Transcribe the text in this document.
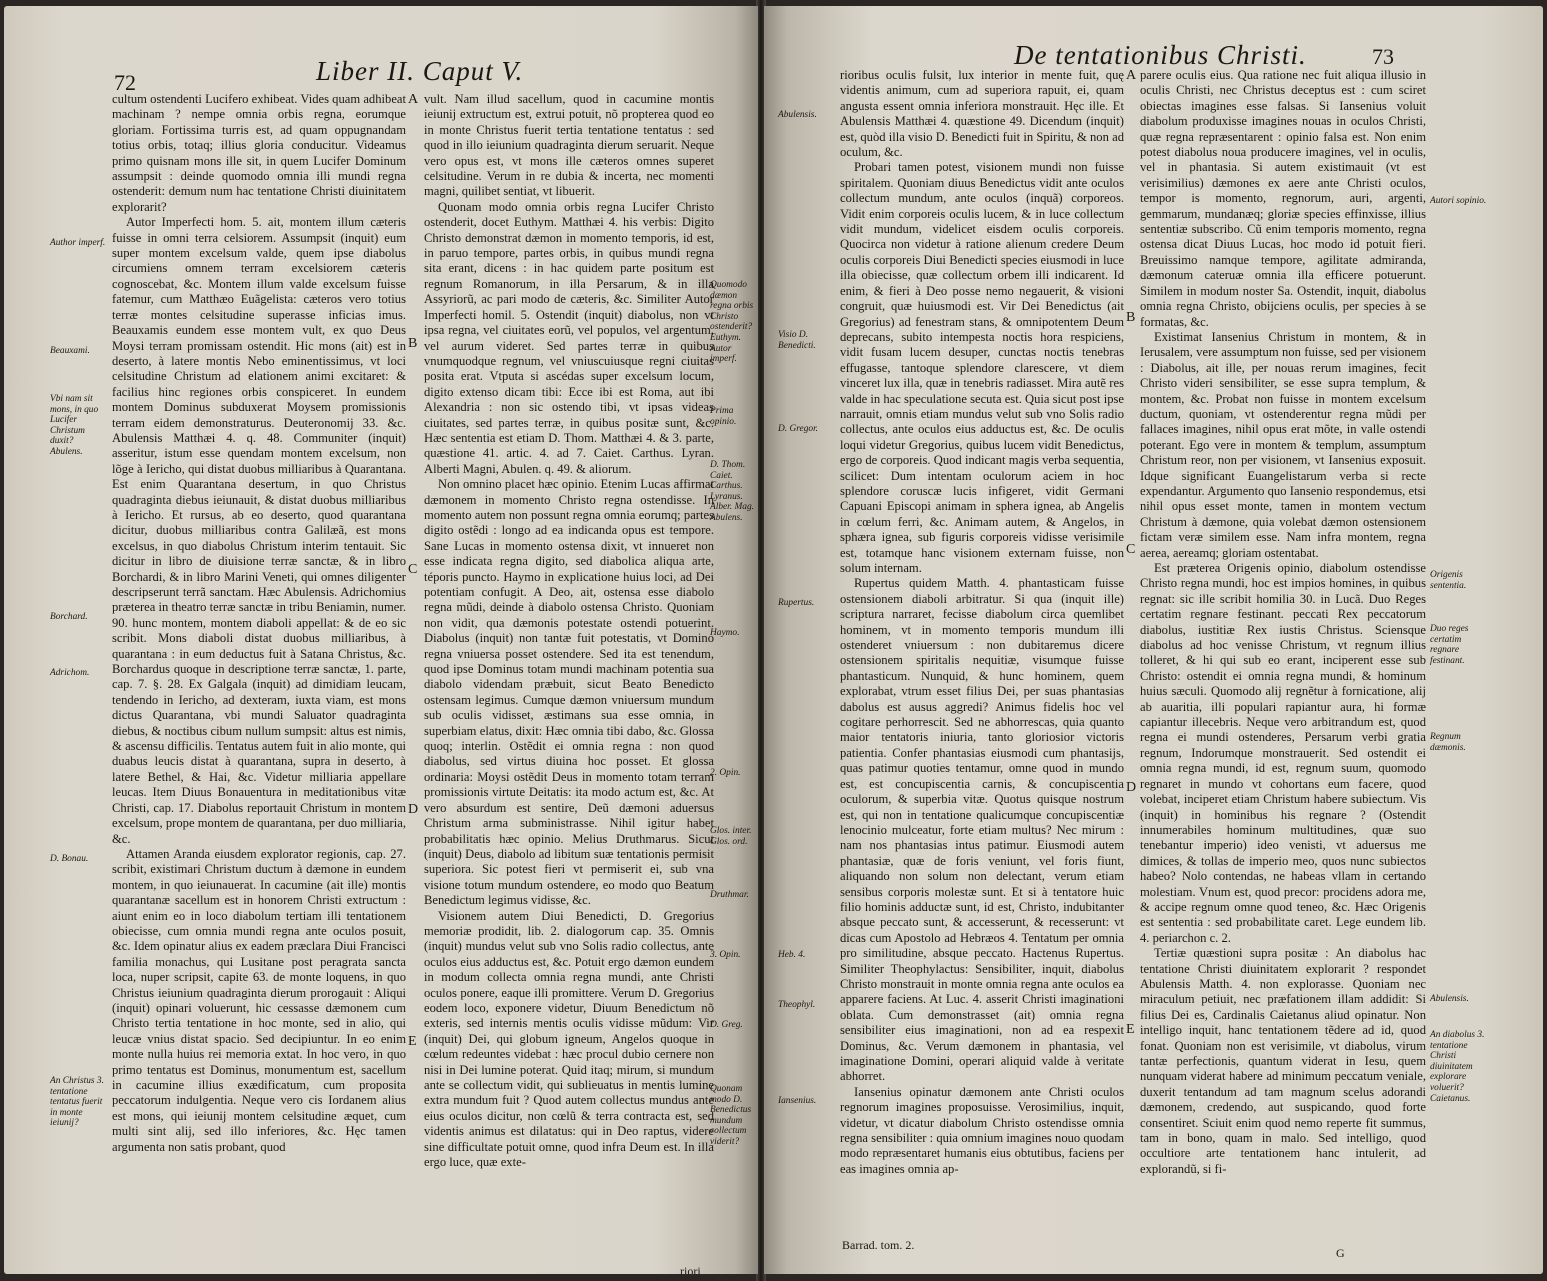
72	Liber II. Caput V.

cultum ostendenti Lucifero exhibeat. Vides quam adhibeat machinam ? nempe omnia orbis regna, eorumque gloriam. Fortissima turris est, ad quam oppugnandam totius orbis, totaq; illius gloria conducitur. Videamus primo quisnam mons ille sit, in quem Lucifer Dominum assumpsit : deinde quomodo omnia illi mundi regna ostenderit: demum num hac tentatione Christi diuinitatem explorarit?

Autor Imperfecti hom. 5. ait, montem illum cæteris fuisse in omni terra celsiorem. Assumpsit (inquit) eum super montem excelsum valde, quem ipse diabolus circumiens omnem terram excelsiorem cæteris cognoscebat, &c. Montem illum valde excelsum fuisse fatemur, cum Matthæo Euãgelista: cæteros vero totius terræ montes celsitudine superasse inficias imus. Beauxamis eundem esse montem vult, ex quo Deus Moysi terram promissam ostendit. Hic mons (ait) est in deserto, à latere montis Nebo eminentissimus, vt loci celsitudine Christum ad elationem animi excitaret: & facilius hinc regiones orbis conspiceret. In eundem montem Dominus subduxerat Moysem promissionis terram eidem demonstraturus. Deuteronomij 33. &c. Abulensis Matthæi 4. q. 48. Communiter (inquit) asseritur, istum esse quendam montem excelsum, non lõge à Iericho, qui distat duobus milliaribus à Quarantana. Est enim Quarantana desertum, in quo Christus quadraginta diebus ieiunauit, & distat duobus milliaribus à Iericho. Et rursus, ab eo deserto, quod quarantana dicitur, duobus milliaribus contra Galilæã, est mons excelsus, in quo diabolus Christum interim tentauit. Sic dicitur in libro de diuisione terræ sanctæ, & in libro Borchardi, & in libro Marini Veneti, qui omnes diligenter descripserunt terrã sanctam. Hæc Abulensis. Adrichomius præterea in theatro terræ sanctæ in tribu Beniamin, numer. 90. hunc montem, montem diaboli appellat: & de eo sic scribit. Mons diaboli distat duobus milliaribus, à quarantana : in eum deductus fuit à Satana Christus, &c. Borchardus quoque in descriptione terræ sanctæ, 1. parte, cap. 7. §. 28. Ex Galgala (inquit) ad dimidiam leucam, tendendo in Iericho, ad dexteram, iuxta viam, est mons dictus Quarantana, vbi mundi Saluator quadraginta diebus, & noctibus cibum nullum sumpsit: altus est nimis, & ascensu difficilis. Tentatus autem fuit in alio monte, qui duabus leucis distat à quarantana, supra in deserto, à latere Bethel, & Hai, &c. Videtur milliaria appellare leucas. Item Diuus Bonauentura in meditationibus vitæ Christi, cap. 17. Diabolus reportauit Christum in montem excelsum, prope montem de quarantana, per duo milliaria, &c.

Attamen Aranda eiusdem explorator regionis, cap. 27. scribit, existimari Christum ductum à dæmone in eundem montem, in quo ieiunauerat. In cacumine (ait ille) montis quarantanæ sacellum est in honorem Christi extructum : aiunt enim eo in loco diabolum tertiam illi tentationem obiecisse, cum omnia mundi regna ante oculos posuit, &c. Idem opinatur alius ex eadem præclara Diui Francisci familia monachus, qui Lusitane post peragrata sancta loca, nuper scripsit, capite 63. de monte loquens, in quo Christus ieiunium quadraginta dierum prorogauit : Aliqui (inquit) opinari voluerunt, hic cessasse dæmonem cum Christo tertia tentatione in hoc monte, sed in alio, qui leucæ vnius distat spacio. Sed decipiuntur. In eo enim monte nulla huius rei memoria extat. In hoc vero, in quo primo tentatus est Dominus, monumentum est, sacellum in cacumine illius exædificatum, cum proposita peccatorum indulgentia. Neque vero cis Iordanem alius est mons, qui ieiunij montem celsitudine æquet, cum multi sint alij, sed illo inferiores, &c. Hęc tamen argumenta non satis probant, quod

vult. Nam illud sacellum, quod in cacumine montis ieiunij extructum est, extrui potuit, nõ propterea quod eo in monte Christus fuerit tertia tentatione tentatus : sed quod in illo ieiunium quadraginta dierum seruarit. Neque vero opus est, vt mons ille cæteros omnes superet celsitudine. Verum in re dubia & incerta, nec momenti magni, quilibet sentiat, vt libuerit.

Quonam modo omnia orbis regna Lucifer Christo ostenderit, docet Euthym. Matthæi 4. his verbis: Digito Christo demonstrat dæmon in momento temporis, id est, in paruo tempore, partes orbis, in quibus mundi regna sita erant, dicens : in hac quidem parte positum est regnum Romanorum, in illa Persarum, & in illa Assyriorũ, ac pari modo de cæteris, &c. Similiter Autor Imperfecti homil. 5. Ostendit (inquit) diabolus, non vt ipsa regna, vel ciuitates eorũ, vel populos, vel argentum, vel aurum videret. Sed partes terræ in quibus vnumquodque regnum, vel vniuscuiusque regni ciuitas posita erat. Vtputa si ascédas super excelsum locum, digito extenso dicam tibi: Ecce ibi est Roma, aut ibi Alexandria : non sic ostendo tibi, vt ipsas videas ciuitates, sed partes terræ, in quibus positæ sunt, &c. Hæc sententia est etiam D. Thom. Matthæi 4. & 3. parte, quæstione 41. artic. 4. ad 7. Caiet. Carthus. Lyran. Alberti Magni, Abulen. q. 49. & aliorum.

Non omnino placet hæc opinio. Etenim Lucas affirmat dæmonem in momento Christo regna ostendisse. In momento autem non possunt regna omnia eorumq; partes digito ostẽdi : longo ad ea indicanda opus est tempore. Sane Lucas in momento ostensa dixit, vt innueret non esse indicata regna digito, sed diabolica aliqua arte, téporis puncto. Haymo in explicatione huius loci, ad Dei potentiam confugit. A Deo, ait, ostensa esse diabolo regna mũdi, deinde à diabolo ostensa Christo. Quoniam non vidit, qua dæmonis potestate ostendi potuerint. Diabolus (inquit) non tantæ fuit potestatis, vt Domino regna vniuersa posset ostendere. Sed ita est tenendum, quod ipse Dominus totam mundi machinam potentia sua diabolo videndam præbuit, sicut Beato Benedicto ostensam legimus. Cumque dæmon vniuersum mundum sub oculis vidisset, æstimans sua esse omnia, in superbiam elatus, dixit: Hæc omnia tibi dabo, &c. Glossa quoq; interlin. Ostẽdit ei omnia regna : non quod diabolus, sed virtus diuina hoc posset. Et glossa ordinaria: Moysi ostẽdit Deus in momento totam terram promissionis virtute Deitatis: ita modo actum est, &c. At vero absurdum est sentire, Deũ dæmoni aduersus Christum arma subministrasse. Nihil igitur habet probabilitatis hæc opinio. Melius Druthmarus. Sicut (inquit) Deus, diabolo ad libitum suæ tentationis permisit superiora. Sic potest fieri vt permiserit ei, sub vna visione totum mundum ostendere, eo modo quo Beatum Benedictum legimus vidisse, &c.

Visionem autem Diui Benedicti, D. Gregorius memoriæ prodidit, lib. 2. dialogorum cap. 35. Omnis (inquit) mundus velut sub vno Solis radio collectus, ante oculos eius adductus est, &c. Potuit ergo dæmon eundem in modum collecta omnia regna mundi, ante Christi oculos ponere, eaque illi promittere. Verum D. Gregorius eodem loco, exponere videtur, Diuum Benedictum nõ exteris, sed internis mentis oculis vidisse mũdum: Vir (inquit) Dei, qui globum igneum, Angelos quoque in cœlum redeuntes videbat : hæc procul dubio cernere non nisi in Dei lumine poterat. Quid itaq; mirum, si mundum ante se collectum vidit, qui sublieuatus in mentis lumine extra mundum fuit ? Quod autem collectus mundus ante eius oculos dicitur, non cœlũ & terra contracta est, sed videntis animus est dilatatus: qui in Deo raptus, videre sine difficultate potuit omne, quod infra Deum est. In illa ergo luce, quæ exte-

riori
Author imperf.
Beauxami.
Vbi nam sit mons, in quo Lucifer Christum duxit? Abulens.
Borchard.
Adrichom.
D. Bonau.
An Christus 3. tentatione tentatus fuerit in monte ieiunij?
Quomodo dæmon regna orbis Christo ostenderit? Euthym. Autor imperf.
Prima opinio.
D. Thom. Caiet. Carthus. Lyranus. Alber. Mag. Abulens.
Haymo.
2. Opin.
Glos. inter. Glos. ord.
Druthmar.
3. Opin.
D. Greg.
Quonam modo D. Benedictus mundum collectum viderit?
A
B
C
D
E
De tentationibus Christi.	73

rioribus oculis fulsit, lux interior in mente fuit, quę videntis animum, cum ad superiora rapuit, ei, quam angusta essent omnia inferiora monstrauit. Hęc ille. Et Abulensis Matthæi 4. quæstione 49. Dicendum (inquit) est, quòd illa visio D. Benedicti fuit in Spiritu, & non ad oculum, &c.

Probari tamen potest, visionem mundi non fuisse spiritalem. Quoniam diuus Benedictus vidit ante oculos collectum mundum, ante oculos (inquã) corporeos. Vidit enim corporeis oculis lucem, & in luce collectum vidit mundum, videlicet eisdem oculis corporeis. Quocirca non videtur à ratione alienum credere Deum oculis corporeis Diui Benedicti species eiusmodi in luce illa obiecisse, quæ collectum orbem illi indicarent. Id enim, & fieri à Deo posse nemo negauerit, & visioni congruit, quæ huiusmodi est. Vir Dei Benedictus (ait Gregorius) ad fenestram stans, & omnipotentem Deum deprecans, subito intempesta noctis hora respiciens, vidit fusam lucem desuper, cunctas noctis tenebras effugasse, tantoque splendore clarescere, vt diem vinceret lux illa, quæ in tenebris radiasset. Mira autẽ res valde in hac speculatione secuta est. Quia sicut post ipse narrauit, omnis etiam mundus velut sub vno Solis radio collectus, ante oculos eius adductus est, &c. De oculis loqui videtur Gregorius, quibus lucem vidit Benedictus, ergo de corporeis. Quod indicant magis verba sequentia, scilicet: Dum intentam oculorum aciem in hoc splendore coruscæ lucis infigeret, vidit Germani Capuani Episcopi animam in sphera ignea, ab Angelis in cœlum ferri, &c. Animam autem, & Angelos, in sphæra ignea, sub figuris corporeis vidisse verisimile est, totamque hanc visionem externam fuisse, non solum internam.

Rupertus quidem Matth. 4. phantasticam fuisse ostensionem diaboli arbitratur. Si qua (inquit ille) scriptura narraret, fecisse diabolum circa quemlibet hominem, vt in momento temporis mundum illi ostenderet vniuersum : non dubitaremus dicere ostensionem spiritalis nequitiæ, visumque fuisse phantasticum. Nunquid, & hunc hominem, quem explorabat, vtrum esset filius Dei, per suas phantasias dabolus est ausus aggredi? Animus fidelis hoc vel cogitare perhorrescit. Sed ne abhorrescas, quia quanto maior tentatoris iniuria, tanto gloriosior victoris patientia. Confer phantasias eiusmodi cum phantasijs, quas patimur quoties tentamur, omne quod in mundo est, est concupiscentia carnis, & concupiscentia oculorum, & superbia vitæ. Quotus quisque nostrum est, qui non in tentatione qualicumque concupiscentiæ lenocinio mulceatur, forte etiam multus? Nec mirum : nam nos phantasias intus patimur. Eiusmodi autem phantasiæ, quæ de foris veniunt, vel foris fiunt, aliquando non solum non delectant, verum etiam sensibus corporis molestæ sunt. Et si à tentatore huic filio hominis adductæ sunt, id est, Christo, indubitanter absque peccato sunt, & accesserunt, & recesserunt: vt dicas cum Apostolo ad Hebræos 4. Tentatum per omnia pro similitudine, absque peccato. Hactenus Rupertus. Similiter Theophylactus: Sensibiliter, inquit, diabolus Christo monstrauit in monte omnia regna ante oculos ea apparere faciens. At Luc. 4. asserit Christi imaginationi oblata. Cum demonstrasset (ait) omnia regna sensibiliter eius imaginationi, non ad ea respexit Dominus, &c. Verum dæmonem in phantasia, vel imaginatione Domini, operari aliquid valde à veritate abhorret.

Iansenius opinatur dæmonem ante Christi oculos regnorum imagines proposuisse. Verosimilius, inquit, videtur, vt dicatur diabolum Christo ostendisse omnia regna sensibiliter : quia omnium imagines nouo quodam modo repræsentaret humanis eius obtutibus, faciens per eas imagines omnia ap-

Barrad. tom. 2.

parere oculis eius. Qua ratione nec fuit aliqua illusio in oculis Christi, nec Christus deceptus est : cum sciret obiectas imagines esse falsas. Si Iansenius voluit diabolum produxisse imagines nouas in oculos Christi, quæ regna repræsentarent : opinio falsa est. Non enim potest diabolus noua producere imagines, vel in oculis, vel in phantasia. Si autem existimauit (vt est verisimilius) dæmones ex aere ante Christi oculos, tempor is momento, regnorum, auri, argenti, gemmarum, mundanæq; gloriæ species effinxisse, illius sententiæ subscribo. Cũ enim temporis momento, regna ostensa dicat Diuus Lucas, hoc modo id potuit fieri. Breuissimo namque tempore, agilitate admiranda, dæmonum cateruæ omnia illa efficere potuerunt. Similem in modum noster Sa. Ostendit, inquit, diabolus omnia regna Christo, obijciens oculis, per species à se formatas, &c.

Existimat Iansenius Christum in montem, & in Ierusalem, vere assumptum non fuisse, sed per visionem : Diabolus, ait ille, per nouas rerum imagines, fecit Christo videri sensibiliter, se esse supra templum, & montem, &c. Probat non fuisse in montem excelsum ductum, quoniam, vt ostenderentur regna mũdi per fallaces imagines, nihil opus erat mõte, in valle ostendi poterant. Ego vere in montem & templum, assumptum Christum reor, non per visionem, vt Iansenius exposuit. Idque significant Euangelistarum verba si recte expendantur. Argumento quo Iansenio respondemus, etsi nihil opus esset monte, tamen in montem vectum Christum à dæmone, quia volebat dæmon ostensionem fictam veræ similem esse. Nam infra montem, regna aerea, aereamq; gloriam ostentabat.

Est præterea Origenis opinio, diabolum ostendisse Christo regna mundi, hoc est impios homines, in quibus regnat: sic ille scribit homilia 30. in Lucã. Duo Reges certatim regnare festinant. peccati Rex peccatorum diabolus, iustitiæ Rex iustis Christus. Sciensque diabolus ad hoc venisse Christum, vt regnum illius tolleret, & hi qui sub eo erant, inciperent esse sub Christo: ostendit ei omnia regna mundi, & hominum huius sæculi. Quomodo alij regnẽtur à fornicatione, alij ab auaritia, illi populari rapiantur aura, hi formæ capiantur illecebris. Neque vero arbitrandum est, quod regna ei mundi ostenderes, Persarum verbi gratia regnum, Indorumque monstrauerit. Sed ostendit ei omnia regna mundi, id est, regnum suum, quomodo regnaret in mundo vt cohortans eum facere, quod volebat, inciperet etiam Christum habere subiectum. Vis (inquit) in hominibus his regnare ? (Ostendit innumerabiles hominum multitudines, quæ suo tenebantur imperio) ideo venisti, vt aduersus me dimices, & tollas de imperio meo, quos nunc subiectos habeo? Nolo contendas, ne habeas vllam in certando molestiam. Vnum est, quod precor: procidens adora me, & accipe regnum omne quod teneo, &c. Hæc Origenis est sententia : sed probabilitate caret. Lege eundem lib. 4. periarchon c. 2.

Tertiæ quæstioni supra positæ : An diabolus hac tentatione Christi diuinitatem explorarit ? respondet Abulensis Matth. 4. non explorasse. Quoniam nec miraculum petiuit, nec præfationem illam addidit: Si filius Dei es, Cardinalis Caietanus aliud opinatur. Non intelligo inquit, hanc tentationem tẽdere ad id, quod fonat. Quoniam non est verisimile, vt diabolus, virum tantæ perfectionis, quantum viderat in Iesu, quem nunquam viderat habere ad minimum peccatum veniale, duxerit tentandum ad tam magnum scelus adorandi dæmonem, credendo, aut suspicando, quod forte consentiret. Sciuit enim quod nemo reperte fit summus, tam in bono, quam in malo. Sed intelligo, quod occultiore arte tentationem hanc intulerit, ad explorandũ, si fi-

G
Abulensis.
Visio D. Benedicti.
D. Gregor.
Rupertus.
Heb. 4.
Theophyl.
Iansenius.
Autori sopinio.
Origenis sententia.
Duo reges certatim regnare festinant.
Regnum dæmonis.
Abulensis.
An diabolus 3. tentatione Christi diuinitatem explorare voluerit? Caietanus.
A
B
C
D
E
